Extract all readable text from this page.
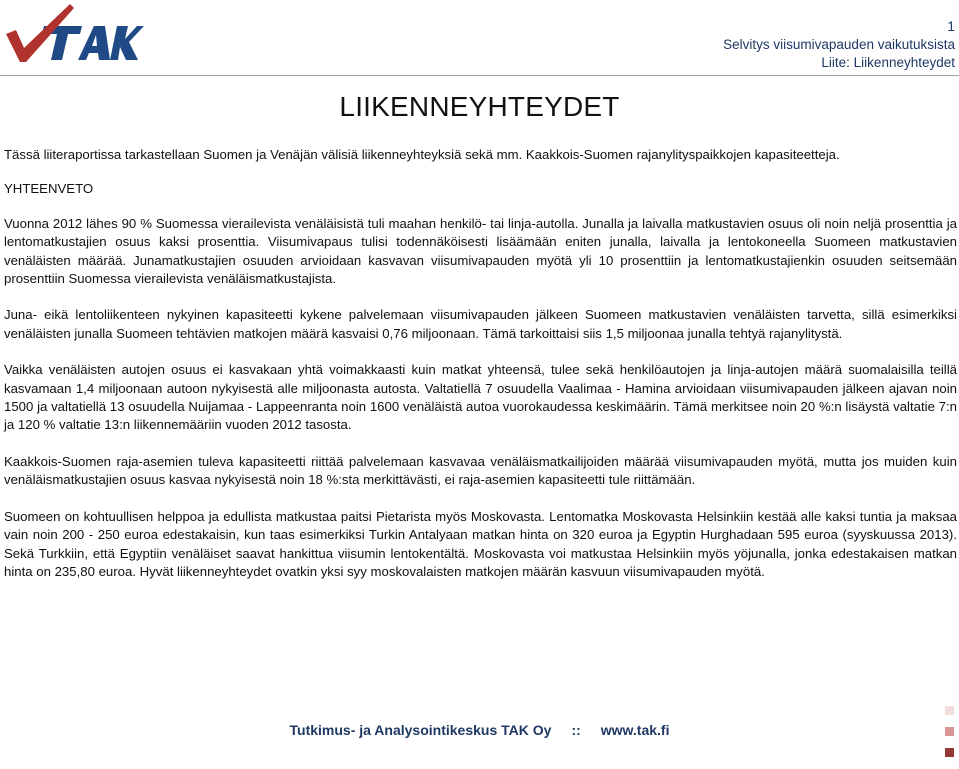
1
Selvitys viisumivapauden vaikutuksista
Liite: Liikenneyhteydet
LIIKENNEYHTEYDET

Tässä liiteraportissa tarkastellaan Suomen ja Venäjän välisiä liikenneyhteyksiä sekä mm. Kaakkois-Suomen rajanylityspaikkojen kapasiteetteja.

YHTEENVETO

Vuonna 2012 lähes 90 % Suomessa vierailevista venäläisistä tuli maahan henkilö- tai linja-autolla. Junalla ja laivalla matkustavien osuus oli noin neljä prosenttia ja lentomatkustajien osuus kaksi prosenttia. Viisumivapaus tulisi todennäköisesti lisäämään eniten junalla, laivalla ja lentokoneella Suomeen matkustavien venäläisten määrää. Junamatkustajien osuuden arvioidaan kasvavan viisumivapauden myötä yli 10 prosenttiin ja lentomatkustajienkin osuuden seitsemään prosenttiin Suomessa vierailevista venäläismatkustajista.

Juna- eikä lentoliikenteen nykyinen kapasiteetti kykene palvelemaan viisumivapauden jälkeen Suomeen matkustavien venäläisten tarvetta, sillä esimerkiksi venäläisten junalla Suomeen tehtävien matkojen määrä kasvaisi 0,76 miljoonaan. Tämä tarkoittaisi siis 1,5 miljoonaa junalla tehtyä rajanylitystä.

Vaikka venäläisten autojen osuus ei kasvakaan yhtä voimakkaasti kuin matkat yhteensä, tulee sekä henkilöautojen ja linja-autojen määrä suomalaisilla teillä kasvamaan 1,4 miljoonaan autoon nykyisestä alle miljoonasta autosta. Valtatiellä 7 osuudella Vaalimaa - Hamina arvioidaan viisumivapauden jälkeen ajavan noin 1500 ja valtatiellä 13 osuudella Nuijamaa - Lappeenranta noin 1600 venäläistä autoa vuorokaudessa keskimäärin. Tämä merkitsee noin 20 %:n lisäystä valtatie 7:n ja 120 % valtatie 13:n liikennemääriin vuoden 2012 tasosta.

Kaakkois-Suomen raja-asemien tuleva kapasiteetti riittää palvelemaan kasvavaa venäläismatkailijoiden määrää viisumivapauden myötä, mutta jos muiden kuin venäläismatkustajien osuus kasvaa nykyisestä noin 18 %:sta merkittävästi, ei raja-asemien kapasiteetti tule riittämään.

Suomeen on kohtuullisen helppoa ja edullista matkustaa paitsi Pietarista myös Moskovasta. Lentomatka Moskovasta Helsinkiin kestää alle kaksi tuntia ja maksaa vain noin 200 - 250 euroa edestakaisin, kun taas esimerkiksi Turkin Antalyaan matkan hinta on 320 euroa ja Egyptin Hurghadaan 595 euroa (syyskuussa 2013). Sekä Turkkiin, että Egyptiin venäläiset saavat hankittua viisumin lentokentältä. Moskovasta voi matkustaa Helsinkiin myös yöjunalla, jonka edestakaisen matkan hinta on 235,80 euroa. Hyvät liikenneyhteydet ovatkin yksi syy moskovalaisten matkojen määrän kasvuun viisumivapauden myötä.

Tutkimus- ja Analysointikeskus TAK Oy :: www.tak.fi
